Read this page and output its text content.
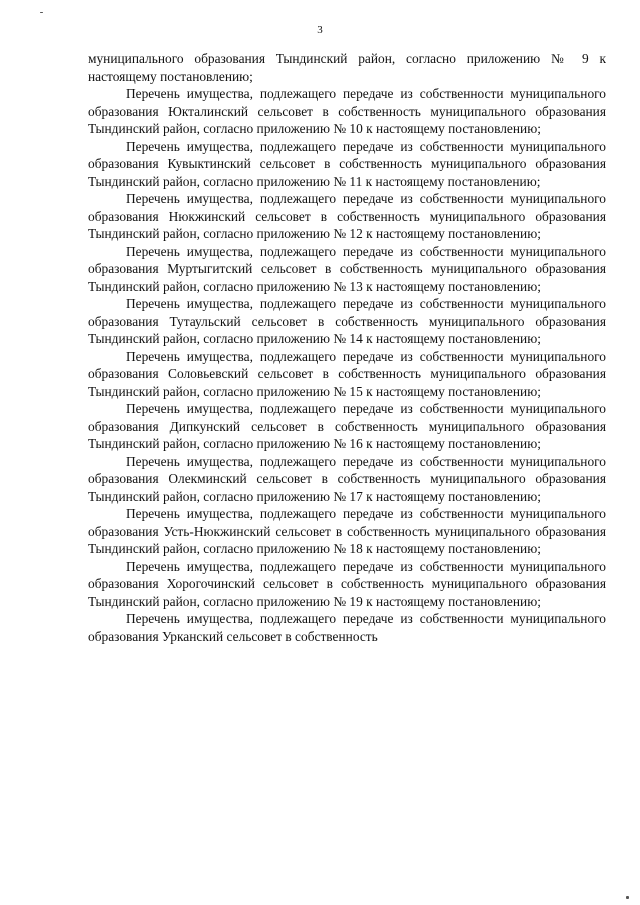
3

муниципального образования Тындинский район, согласно приложению № 9 к настоящему постановлению;

Перечень имущества, подлежащего передаче из собственности муниципального образования Юкталинский сельсовет в собственность муниципального образования Тындинский район, согласно приложению № 10 к настоящему постановлению;

Перечень имущества, подлежащего передаче из собственности муниципального образования Кувыктинский сельсовет в собственность муниципального образования Тындинский район, согласно приложению № 11 к настоящему постановлению;

Перечень имущества, подлежащего передаче из собственности муниципального образования Нюкжинский сельсовет в собственность муниципального образования Тындинский район, согласно приложению № 12 к настоящему постановлению;

Перечень имущества, подлежащего передаче из собственности муниципального образования Муртыгитский сельсовет в собственность муниципального образования Тындинский район, согласно приложению № 13 к настоящему постановлению;

Перечень имущества, подлежащего передаче из собственности муниципального образования Тутаульский сельсовет в собственность муниципального образования Тындинский район, согласно приложению № 14 к настоящему постановлению;

Перечень имущества, подлежащего передаче из собственности муниципального образования Соловьевский сельсовет в собственность муниципального образования Тындинский район, согласно приложению № 15 к настоящему постановлению;

Перечень имущества, подлежащего передаче из собственности муниципального образования Дипкунский сельсовет в собственность муниципального образования Тындинский район, согласно приложению № 16 к настоящему постановлению;

Перечень имущества, подлежащего передаче из собственности муниципального образования Олекминский сельсовет в собственность муниципального образования Тындинский район, согласно приложению № 17 к настоящему постановлению;

Перечень имущества, подлежащего передаче из собственности муниципального образования Усть-Нюкжинский сельсовет в собственность муниципального образования Тындинский район, согласно приложению № 18 к настоящему постановлению;

Перечень имущества, подлежащего передаче из собственности муниципального образования Хорогочинский сельсовет в собственность муниципального образования Тындинский район, согласно приложению № 19 к настоящему постановлению;

Перечень имущества, подлежащего передаче из собственности муниципального образования Урканский сельсовет в собственность
